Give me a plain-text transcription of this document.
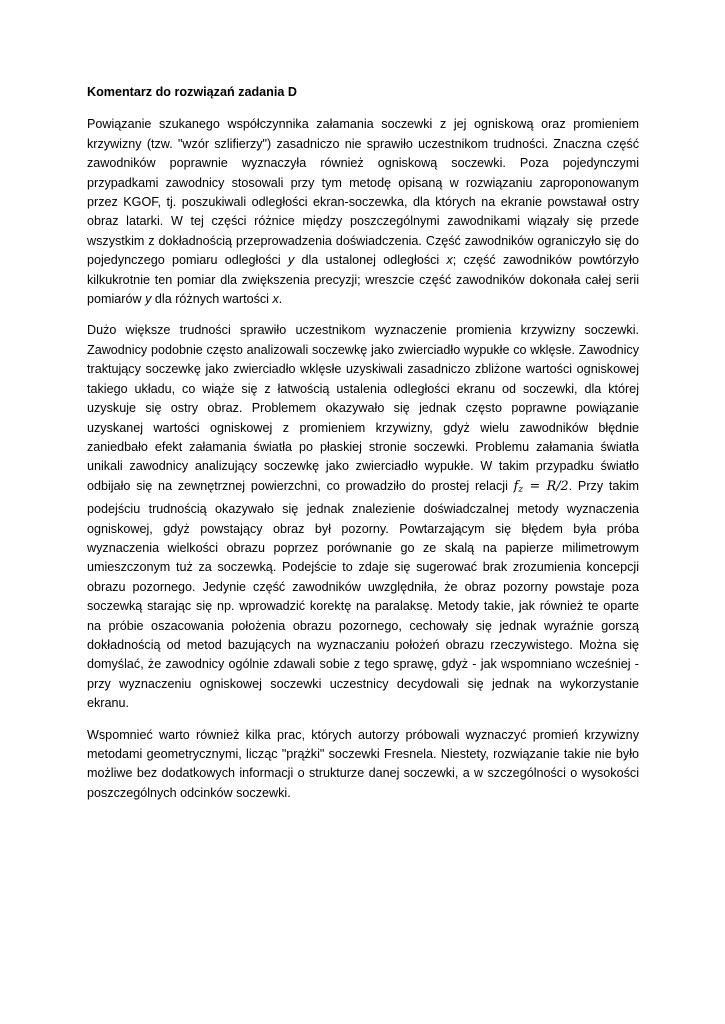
Komentarz do rozwiązań zadania D

Powiązanie szukanego współczynnika załamania soczewki z jej ogniskową oraz promieniem krzywizny (tzw. "wzór szlifierzy") zasadniczo nie sprawiło uczestnikom trudności. Znaczna część zawodników poprawnie wyznaczyła również ogniskową soczewki. Poza pojedynczymi przypadkami zawodnicy stosowali przy tym metodę opisaną w rozwiązaniu zaproponowanym przez KGOF, tj. poszukiwali odległości ekran-soczewka, dla których na ekranie powstawał ostry obraz latarki. W tej części różnice między poszczególnymi zawodnikami wiązały się przede wszystkim z dokładnością przeprowadzenia doświadczenia. Część zawodników ograniczyło się do pojedynczego pomiaru odległości y dla ustalonej odległości x; część zawodników powtórzyło kilkukrotnie ten pomiar dla zwiększenia precyzji; wreszcie część zawodników dokonała całej serii pomiarów y dla różnych wartości x.

Dużo większe trudności sprawiło uczestnikom wyznaczenie promienia krzywizny soczewki. Zawodnicy podobnie często analizowali soczewkę jako zwierciadło wypukłe co wklęsłe. Zawodnicy traktujący soczewkę jako zwierciadło wklęsłe uzyskiwali zasadniczo zbliżone wartości ogniskowej takiego układu, co wiąże się z łatwością ustalenia odległości ekranu od soczewki, dla której uzyskuje się ostry obraz. Problemem okazywało się jednak często poprawne powiązanie uzyskanej wartości ogniskowej z promieniem krzywizny, gdyż wielu zawodników błędnie zaniedbało efekt załamania światła po płaskiej stronie soczewki. Problemu załamania światła unikali zawodnicy analizujący soczewkę jako zwierciadło wypukłe. W takim przypadku światło odbijało się na zewnętrznej powierzchni, co prowadziło do prostej relacji $f_z = R/2$. Przy takim podejściu trudnością okazywało się jednak znalezienie doświadczalnej metody wyznaczenia ogniskowej, gdyż powstający obraz był pozorny. Powtarzającym się błędem była próba wyznaczenia wielkości obrazu poprzez porównanie go ze skalą na papierze milimetrowym umieszczonym tuż za soczewką. Podejście to zdaje się sugerować brak zrozumienia koncepcji obrazu pozornego. Jedynie część zawodników uwzględniła, że obraz pozorny powstaje poza soczewką starając się np. wprowadzić korektę na paralaksę. Metody takie, jak również te oparte na próbie oszacowania położenia obrazu pozornego, cechowały się jednak wyraźnie gorszą dokładnością od metod bazujących na wyznaczaniu położeń obrazu rzeczywistego. Można się domyślać, że zawodnicy ogólnie zdawali sobie z tego sprawę, gdyż - jak wspomniano wcześniej - przy wyznaczeniu ogniskowej soczewki uczestnicy decydowali się jednak na wykorzystanie ekranu.

Wspomnieć warto również kilka prac, których autorzy próbowali wyznaczyć promień krzywizny metodami geometrycznymi, licząc "prążki" soczewki Fresnela. Niestety, rozwiązanie takie nie było możliwe bez dodatkowych informacji o strukturze danej soczewki, a w szczególności o wysokości poszczególnych odcinków soczewki.
